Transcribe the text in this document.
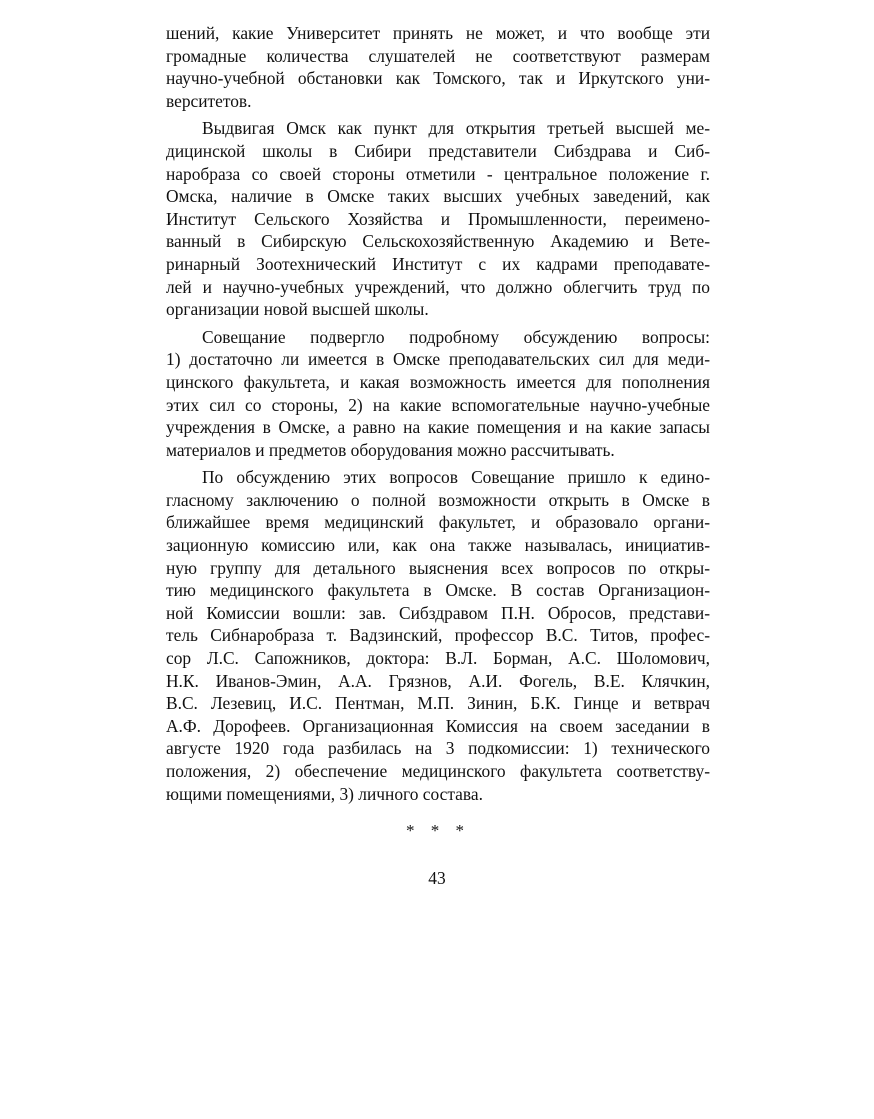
шений, какие Университет принять не может, и что вообще эти
громадные количества слушателей не соответствуют размерам
научно-учебной обстановки как Томского, так и Иркутского уни-
верситетов.
Выдвигая Омск как пункт для открытия третьей высшей ме-
дицинской школы в Сибири представители Сибздрава и Сиб-
наробраза со своей стороны отметили - центральное положение г.
Омска, наличие в Омске таких высших учебных заведений, как
Институт Сельского Хозяйства и Промышленности, переимено-
ванный в Сибирскую Сельскохозяйственную Академию и Вете-
ринарный Зоотехнический Институт с их кадрами преподавате-
лей и научно-учебных учреждений, что должно облегчить труд по
организации новой высшей школы.
Совещание подвергло подробному обсуждению вопросы:
1) достаточно ли имеется в Омске преподавательских сил для меди-
цинского факультета, и какая возможность имеется для пополнения
этих сил со стороны, 2) на какие вспомогательные научно-учебные
учреждения в Омске, а равно на какие помещения и на какие запасы
материалов и предметов оборудования можно рассчитывать.
По обсуждению этих вопросов Совещание пришло к едино-
гласному заключению о полной возможности открыть в Омске в
ближайшее время медицинский факультет, и образовало органи-
зационную комиссию или, как она также называлась, инициатив-
ную группу для детального выяснения всех вопросов по откры-
тию медицинского факультета в Омске. В состав Организацион-
ной Комиссии вошли: зав. Сибздравом П.Н. Обросов, представи-
тель Сибнаробраза т. Вадзинский, профессор В.С. Титов, профес-
сор Л.С. Сапожников, доктора: В.Л. Борман, А.С. Шоломович,
Н.К. Иванов-Эмин, А.А. Грязнов, А.И. Фогель, В.Е. Клячкин,
В.С. Лезевиц, И.С. Пентман, М.П. Зинин, Б.К. Гинце и ветврач
А.Ф. Дорофеев. Организационная Комиссия на своем заседании в
августе 1920 года разбилась на 3 подкомиссии: 1) технического
положения, 2) обеспечение медицинского факультета соответству-
ющими помещениями, 3) личного состава.
* * *
43
